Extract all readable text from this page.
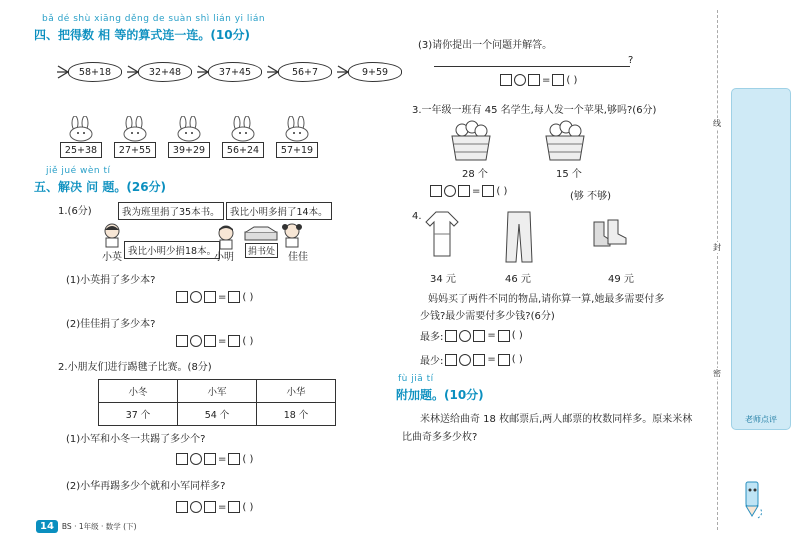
bǎ dé shù xiāng děng de suàn shì lián yi lián
四、把得数 相 等的算式连一连。(10分)
58+18	32+48	37+45	56+7	9+59
25+38	27+55	39+29	56+24	57+19
jiě jué wèn tí
五、解决 问 题。(26分)
1.(6分)	我为班里捐了35本书。	我比小明多捐了14本。
我比小明少捐18本。
小英	小明	捐书处	佳佳
(1)小英捐了多少本?
= ( )
(2)佳佳捐了多少本?
= ( )
2.小朋友们进行踢毽子比赛。(8分)
小冬	小军	小华
37 个	54 个	18 个
(1)小军和小冬一共踢了多少个?
= ( )
(2)小华再踢多少个就和小军同样多?
= ( )
14	BS · 1年级 · 数学 (下)
(3)请你提出一个问题并解答。
?
= ( )
3.一年级一班有 45 名学生,每人发一个苹果,够吗?(6分)
28 个	15 个
= ( )	(够 不够)
4.
34 元	46 元	49 元
妈妈买了两件不同的物品,请你算一算,她最多需要付多
少钱?最少需要付多少钱?(6分)
最多:	= ( )
最少:	= ( )
fù jiā tí
附加题。(10分)
米林送给曲奇 18 枚邮票后,两人邮票的枚数同样多。原来米林
比曲奇多多少枚?
线
封
密
老师点评
